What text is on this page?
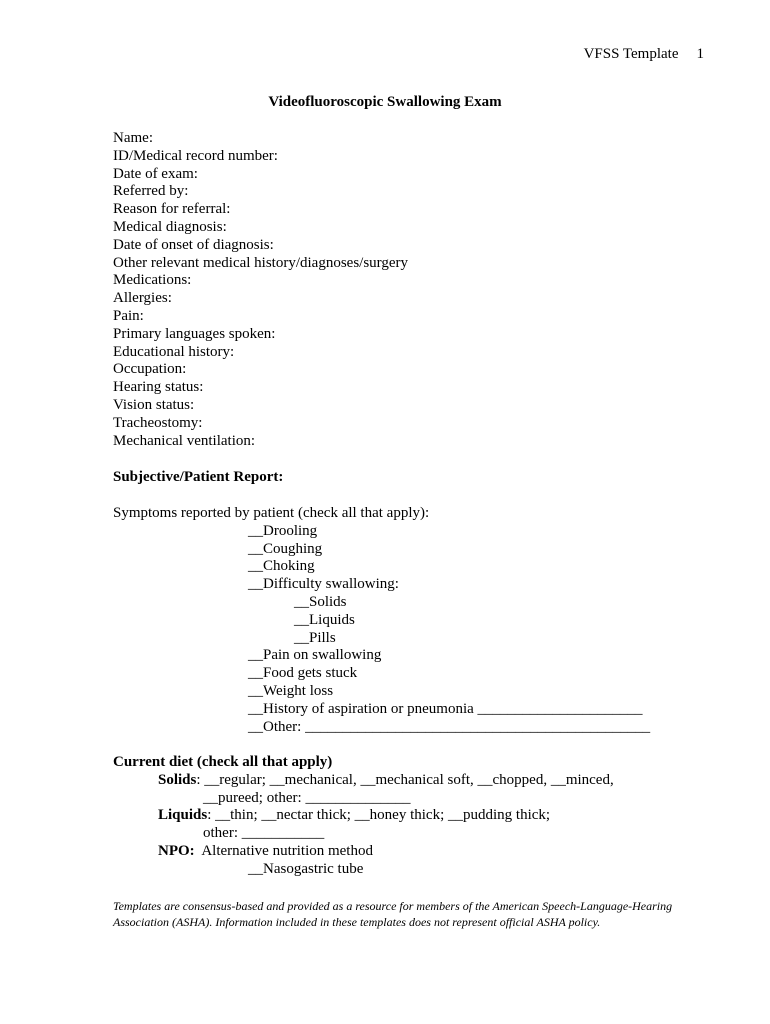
VFSS Template 1
Videofluoroscopic Swallowing Exam
Name:
ID/Medical record number:
Date of exam:
Referred by:
Reason for referral:
Medical diagnosis:
Date of onset of diagnosis:
Other relevant medical history/diagnoses/surgery
Medications:
Allergies:
Pain:
Primary languages spoken:
Educational history:
Occupation:
Hearing status:
Vision status:
Tracheostomy:
Mechanical ventilation:
Subjective/Patient Report:
Symptoms reported by patient (check all that apply):
__Drooling
__Coughing
__Choking
__Difficulty swallowing:
__Solids
__Liquids
__Pills
__Pain on swallowing
__Food gets stuck
__Weight loss
__History of aspiration or pneumonia ______________________
__Other: ______________________________________________
Current diet (check all that apply)
Solids: __regular; __mechanical, __mechanical soft, __chopped, __minced,
__pureed; other: ______________
Liquids: __thin; __nectar thick; __honey thick; __pudding thick;
other: ___________
NPO:  Alternative nutrition method
__Nasogastric tube
Templates are consensus-based and provided as a resource for members of the American Speech-Language-Hearing Association (ASHA). Information included in these templates does not represent official ASHA policy.
